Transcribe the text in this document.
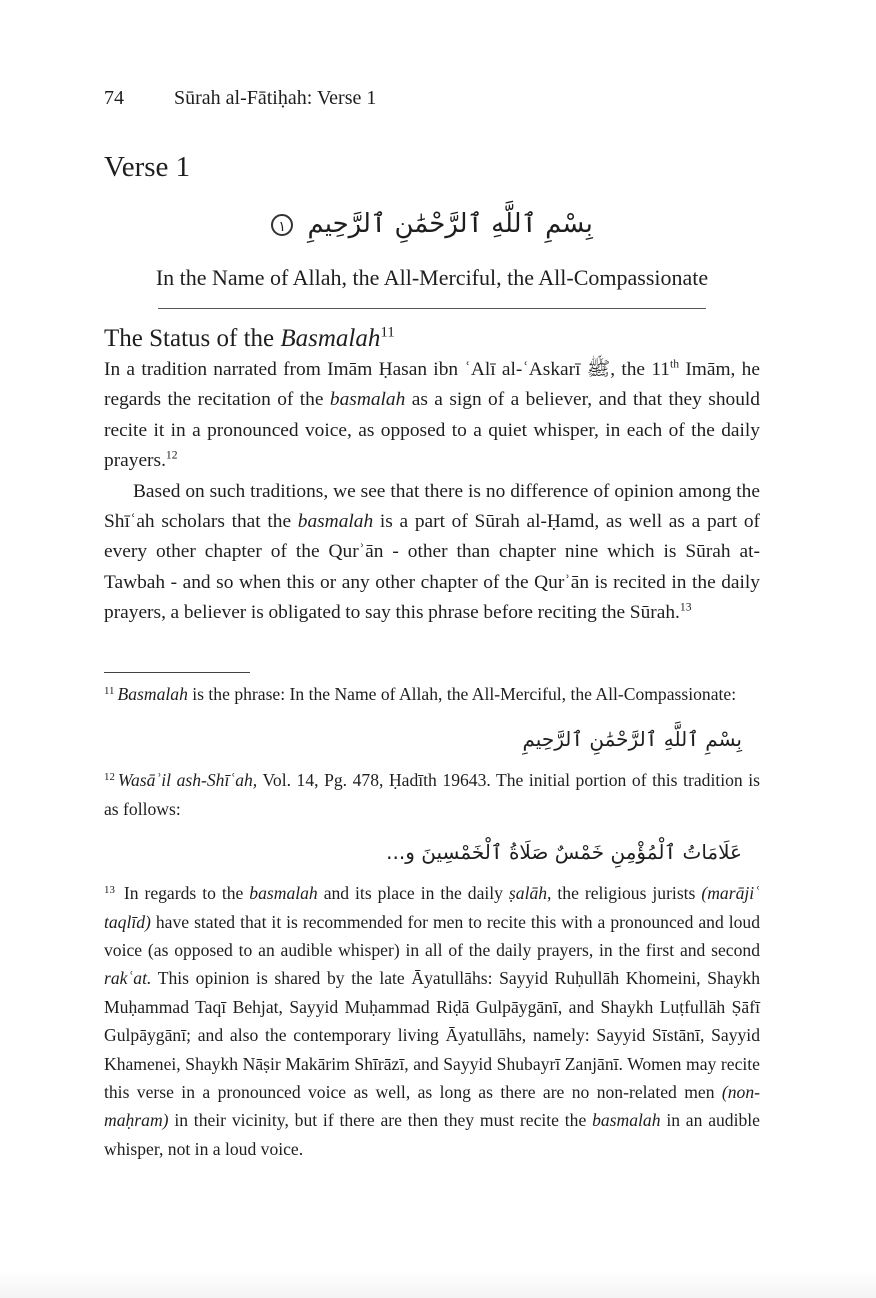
74	Sūrah al-Fātiḥah: Verse 1
Verse 1
بِسْمِ ٱللَّهِ ٱلرَّحْمَٰنِ ٱلرَّحِيمِ ١
In the Name of Allah, the All-Merciful, the All-Compassionate
The Status of the Basmalah$^{11}$

In a tradition narrated from Imām Ḥasan ibn ʿAlī al-ʿAskarī ﷺ, the 11th Imām, he regards the recitation of the basmalah as a sign of a believer, and that they should recite it in a pronounced voice, as opposed to a quiet whisper, in each of the daily prayers.$^{12}$

Based on such traditions, we see that there is no difference of opinion among the Shīʿah scholars that the basmalah is a part of Sūrah al-Ḥamd, as well as a part of every other chapter of the Qurʾān - other than chapter nine which is Sūrah at-Tawbah - and so when this or any other chapter of the Qurʾān is recited in the daily prayers, a believer is obligated to say this phrase before reciting the Sūrah.$^{13}$

$^{11}$ Basmalah is the phrase: In the Name of Allah, the All-Merciful, the All-Compassionate:

بِسْمِ ٱللَّهِ ٱلرَّحْمَٰنِ ٱلرَّحِيمِ

$^{12}$ Wasāʾil ash-Shīʿah, Vol. 14, Pg. 478, Ḥadīth 19643. The initial portion of this tradition is as follows:

عَلَامَاتُ ٱلْمُؤْمِنِ خَمْسٌ صَلَاةُ ٱلْخَمْسِينَ و...

$^{13}$ In regards to the basmalah and its place in the daily ṣalāh, the religious jurists (marājiʿ taqlīd) have stated that it is recommended for men to recite this with a pronounced and loud voice (as opposed to an audible whisper) in all of the daily prayers, in the first and second rakʿat. This opinion is shared by the late Āyatullāhs: Sayyid Ruḥullāh Khomeini, Shaykh Muḥammad Taqī Behjat, Sayyid Muḥammad Riḍā Gulpāygānī, and Shaykh Luṭfullāh Ṣāfī Gulpāygānī; and also the contemporary living Āyatullāhs, namely: Sayyid Sīstānī, Sayyid Khamenei, Shaykh Nāṣir Makārim Shīrāzī, and Sayyid Shubayrī Zanjānī. Women may recite this verse in a pronounced voice as well, as long as there are no non-related men (non-maḥram) in their vicinity, but if there are then they must recite the basmalah in an audible whisper, not in a loud voice.
